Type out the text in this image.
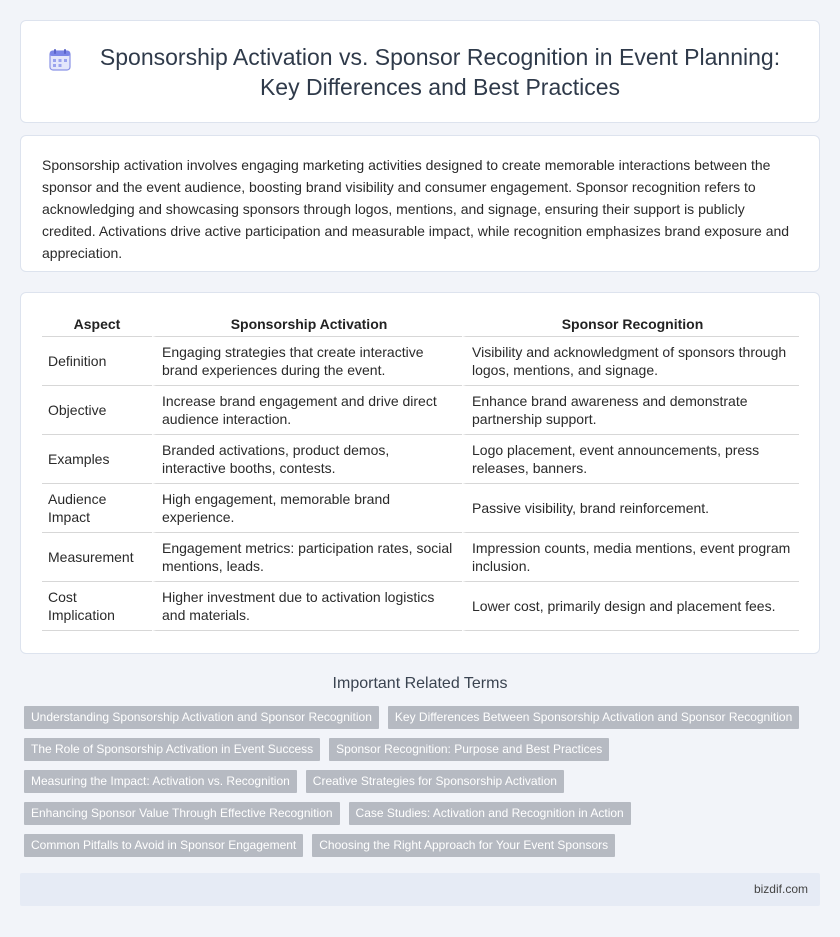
Sponsorship Activation vs. Sponsor Recognition in Event Planning: Key Differences and Best Practices

Sponsorship activation involves engaging marketing activities designed to create memorable interactions between the sponsor and the event audience, boosting brand visibility and consumer engagement. Sponsor recognition refers to acknowledging and showcasing sponsors through logos, mentions, and signage, ensuring their support is publicly credited. Activations drive active participation and measurable impact, while recognition emphasizes brand exposure and appreciation.

Aspect	Sponsorship Activation	Sponsor Recognition
Definition	Engaging strategies that create interactive brand experiences during the event.	Visibility and acknowledgment of sponsors through logos, mentions, and signage.
Objective	Increase brand engagement and drive direct audience interaction.	Enhance brand awareness and demonstrate partnership support.
Examples	Branded activations, product demos, interactive booths, contests.	Logo placement, event announcements, press releases, banners.
Audience Impact	High engagement, memorable brand experience.	Passive visibility, brand reinforcement.
Measurement	Engagement metrics: participation rates, social mentions, leads.	Impression counts, media mentions, event program inclusion.
Cost Implication	Higher investment due to activation logistics and materials.	Lower cost, primarily design and placement fees.
Important Related Terms
Understanding Sponsorship Activation and Sponsor Recognition	Key Differences Between Sponsorship Activation and Sponsor Recognition
The Role of Sponsorship Activation in Event Success	Sponsor Recognition: Purpose and Best Practices
Measuring the Impact: Activation vs. Recognition	Creative Strategies for Sponsorship Activation
Enhancing Sponsor Value Through Effective Recognition	Case Studies: Activation and Recognition in Action
Common Pitfalls to Avoid in Sponsor Engagement	Choosing the Right Approach for Your Event Sponsors
bizdif.com
